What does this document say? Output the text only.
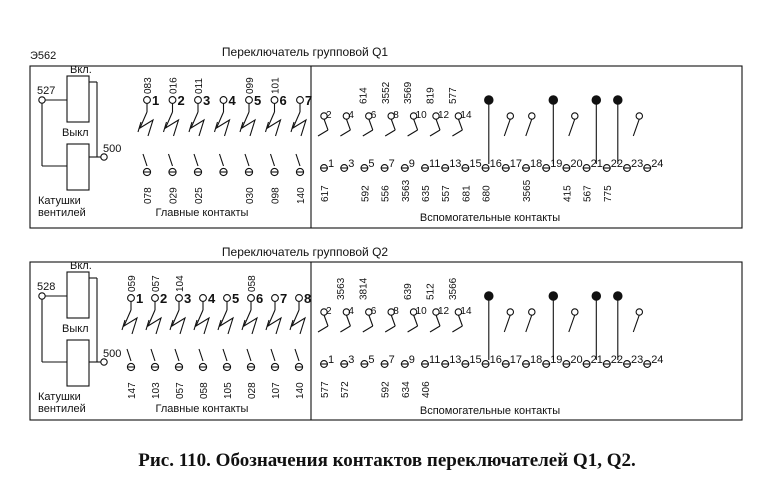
Переключатель групповой Q1
Э562
527
Вкл.
Выкл
500
Катушки
вентилей
1
083
078
2
016
029
3
011
025
4 5
099
030
6
101
098
7
140
Главные контакты
2 4
614
6
3552
8
3569
10
819
12
577
14
1
617
3 5
592
7
556
9
3563
11
635
13
557
15
681
16
680
17 18
3565
19 20
415
21
567
22
775
23 24
Вспомогательные контакты
Переключатель групповой Q2
528
Вкл.
Выкл
500
Катушки
вентилей
1
059
147
2
057
103
3
104
057
4
058
5
105
6
058
028
7
107
8
140
Главные контакты
2
3563
4
3814
6 8
639
10
512
12
3566
14
1
577
3
572
5 7
592
9
634
11
406
13 15 16 17 18 19 20 21 22 23 24
Вспомогательные контакты
Рис. 110. Обозначения контактов переключателей Q1, Q2.
